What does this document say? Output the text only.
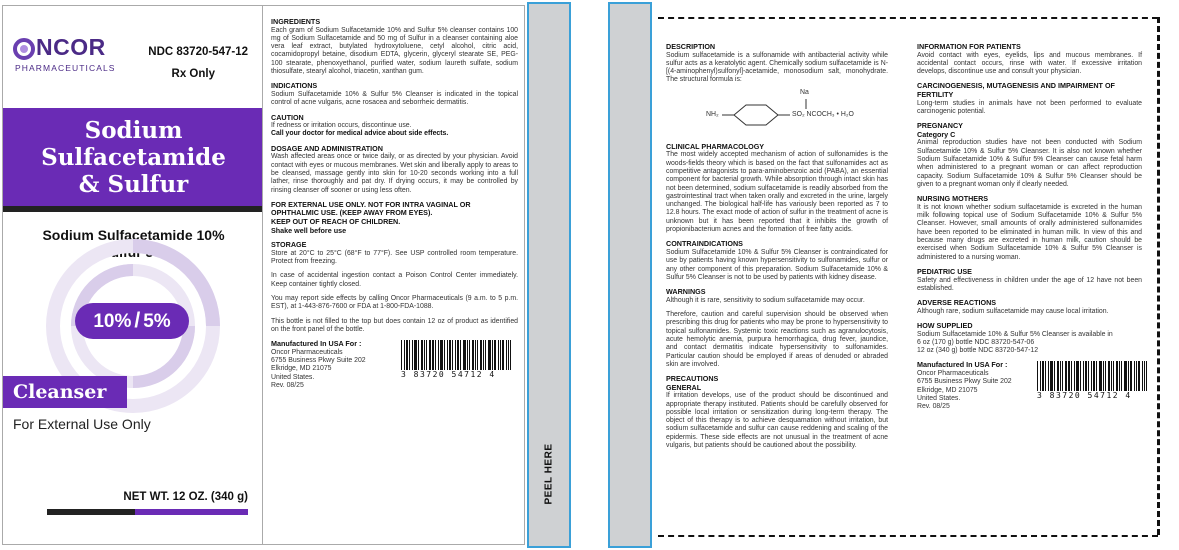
NCOR
PHARMACEUTICALS
NDC 83720-547-12
Rx Only
Sodium
Sulfacetamide
& Sulfur
Sodium Sulfacetamide 10%
Sulfur 5%
10% / 5%
Cleanser
For External Use Only
NET WT. 12 OZ. (340 g)
INGREDIENTS
Each gram of Sodium Sulfacetamide 10% and Sulfur 5% cleanser contains 100 mg of Sodium Sulfacetamide and 50 mg of Sulfur in a cleanser containing aloe vera leaf extract, butylated hydroxytoluene, cetyl alcohol, citric acid, cocamidopropyl betaine, disodium EDTA, glycerin, glyceryl stearate SE, PEG-100 stearate, phenoxyethanol, purified water, sodium laureth sulfate, sodium thiosulfate, stearyl alcohol, triacetin, xanthan gum.
INDICATIONS
Sodium Sulfacetamide 10% & Sulfur 5% Cleanser is indicated in the topical control of acne vulgaris, acne rosacea and seborrheic dermatitis.
CAUTION
If redness or irritation occurs, discontinue use.
Call your doctor for medical advice about side effects.
DOSAGE AND ADMINISTRATION
Wash affected areas once or twice daily, or as directed by your physician. Avoid contact with eyes or mucous membranes. Wet skin and liberally apply to areas to be cleansed, massage gently into skin for 10-20 seconds working into a full lather, rinse thoroughly and pat dry. If drying occurs, it may be controlled by rinsing cleanser off sooner or using less often.
FOR EXTERNAL USE ONLY. NOT FOR INTRA VAGINAL OR OPHTHALMIC USE. (KEEP AWAY FROM EYES).
KEEP OUT OF REACH OF CHILDREN.
Shake well before use
STORAGE
Store at 20°C to 25°C (68°F to 77°F). See USP controlled room temperature. Protect from freezing.
In case of accidental ingestion contact a Poison Control Center immediately. Keep container tightly closed.
You may report side effects by calling Oncor Pharmaceuticals (9 a.m. to 5 p.m. EST), at 1-443-876-7600 or FDA at 1-800-FDA-1088.
This bottle is not filled to the top but does contain 12 oz of product as identified on the front panel of the bottle.
Manufactured In USA For :
Oncor Pharmaceuticals
6755 Business Pkwy Suite 202
Elkridge, MD 21075
United States.
Rev. 08/25
3 83720 54712 4
PEEL HERE
DESCRIPTION
Sodium sulfacetamide is a sulfonamide with antibacterial activity while sulfur acts as a keratolytic agent. Chemically sodium sulfacetamide is N-[(4-aminophenyl)sulfonyl]-acetamide, monosodium salt, monohydrate. The structural formula is:
Na
NH₂	SO₂ NCOCH₃ • H₂O
CLINICAL PHARMACOLOGY
The most widely accepted mechanism of action of sulfonamides is the woods-fields theory which is based on the fact that sulfonamides act as competitive antagonists to para-aminobenzoic acid (PABA), an essential component for bacterial growth. While absorption through intact skin has not been determined, sodium sulfacetamide is readily absorbed from the gastrointestinal tract when taken orally and excreted in the urine, largely unchanged. The biological half-life has variously been reported as 7 to 12.8 hours. The exact mode of action of sulfur in the treatment of acne is unknown but it has been reported that it inhibits the growth of propionibacterium acnes and the formation of free fatty acids.
CONTRAINDICATIONS
Sodium Sulfacetamide 10% & Sulfur 5% Cleanser is contraindicated for use by patients having known hypersensitivity to sulfonamides, sulfur or any other component of this preparation. Sodium Sulfacetamide 10% & Sulfur 5% Cleanser is not to be used by patients with kidney disease.
WARNINGS
Although it is rare, sensitivity to sodium sulfacetamide may occur.
Therefore, caution and careful supervision should be observed when prescribing this drug for patients who may be prone to hypersensitivity to topical sulfonamides. Systemic toxic reactions such as agranulocytosis, acute hemolytic anemia, purpura hemorrhagica, drug fever, jaundice, and contact dermatitis indicate hypersensitivity to sulfonamides. Particular caution should be employed if areas of denuded or abraded skin are involved.
PRECAUTIONS
GENERAL
If irritation develops, use of the product should be discontinued and appropriate therapy instituted. Patients should be carefully observed for possible local irritation or sensitization during long-term therapy. The object of this therapy is to achieve desquamation without irritation, but sodium sulfacetamide and sulfur can cause reddening and scaling of the epidermis. These side effects are not unusual in the treatment of acne vulgaris, but patients should be cautioned about the possibility.
INFORMATION FOR PATIENTS
Avoid contact with eyes, eyelids, lips and mucous membranes. If accidental contact occurs, rinse with water. If excessive irritation develops, discontinue use and consult your physician.
CARCINOGENESIS, MUTAGENESIS AND IMPAIRMENT OF FERTILITY
Long-term studies in animals have not been performed to evaluate carcinogenic potential.
PREGNANCY
Category C
Animal reproduction studies have not been conducted with Sodium Sulfacetamide 10% & Sulfur 5% Cleanser. It is also not known whether Sodium Sulfacetamide 10% & Sulfur 5% Cleanser can cause fetal harm when administered to a pregnant woman or can affect reproduction capacity. Sodium Sulfacetamide 10% & Sulfur 5% Cleanser should be given to a pregnant woman only if clearly needed.
NURSING MOTHERS
It is not known whether sodium sulfacetamide is excreted in the human milk following topical use of Sodium Sulfacetamide 10% & Sulfur 5% Cleanser. However, small amounts of orally administered sulfonamides have been reported to be eliminated in human milk. In view of this and because many drugs are excreted in human milk, caution should be exercised when Sodium Sulfacetamide 10% & Sulfur 5% Cleanser is administered to a nursing woman.
PEDIATRIC USE
Safety and effectiveness in children under the age of 12 have not been established.
ADVERSE REACTIONS
Although rare, sodium sulfacetamide may cause local irritation.
HOW SUPPLIED
Sodium Sulfacetamide 10% & Sulfur 5% Cleanser is available in
6 oz (170 g) bottle NDC 83720-547-06
12 oz (340 g) bottle NDC 83720-547-12
Manufactured In USA For :
Oncor Pharmaceuticals
6755 Business Pkwy Suite 202
Elkridge, MD 21075
United States.
Rev. 08/25
3 83720 54712 4
